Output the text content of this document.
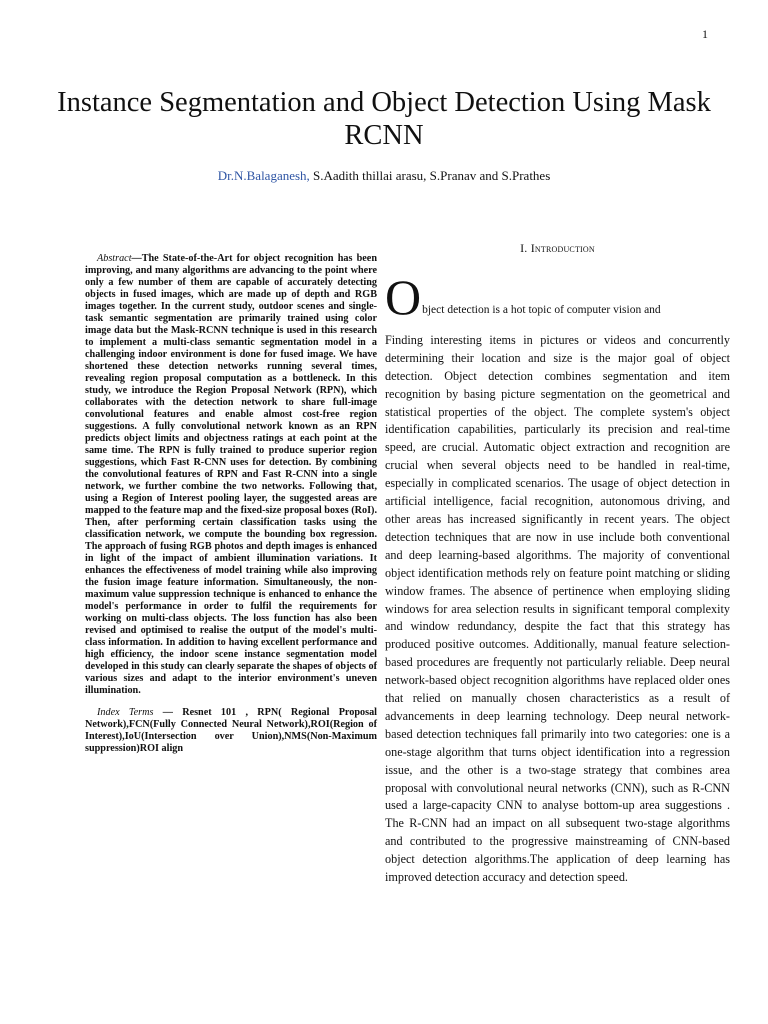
1
Instance Segmentation and Object Detection Using Mask RCNN
Dr.N.Balaganesh, S.Aadith thillai arasu, S.Pranav and S.Prathes

Abstract—The State-of-the-Art for object recognition has been improving, and many algorithms are advancing to the point where only a few number of them are capable of accurately detecting objects in fused images, which are made up of depth and RGB images together. In the current study, outdoor scenes and single-task semantic segmentation are primarily trained using color image data but the Mask-RCNN technique is used in this research to implement a multi-class semantic segmentation model in a challenging indoor environment is done for fused image. We have shortened these detection networks running several times, revealing region proposal computation as a bottleneck. In this study, we introduce the Region Proposal Network (RPN), which collaborates with the detection network to share full-image convolutional features and enable almost cost-free region suggestions. A fully convolutional network known as an RPN predicts object limits and objectness ratings at each point at the same time. The RPN is fully trained to produce superior region suggestions, which Fast R-CNN uses for detection. By combining the convolutional features of RPN and Fast R-CNN into a single network, we further combine the two networks. Following that, using a Region of Interest pooling layer, the suggested areas are mapped to the feature map and the fixed-size proposal boxes (RoI). Then, after performing certain classification tasks using the classification network, we compute the bounding box regression. The approach of fusing RGB photos and depth images is enhanced in light of the impact of ambient illumination variations. It enhances the effectiveness of model training while also improving the fusion image feature information. Simultaneously, the non-maximum value suppression technique is enhanced to enhance the model's performance in order to fulfil the requirements for working on multi-class objects. The loss function has also been revised and optimised to realise the output of the model's multi-class information. In addition to having excellent performance and high efficiency, the indoor scene instance segmentation model developed in this study can clearly separate the shapes of objects of various sizes and adapt to the interior environment's uneven illumination.

Index Terms — Resnet 101 , RPN( Regional Proposal Network),FCN(Fully Connected Neural Network),ROI(Region of Interest),IoU(Intersection over Union),NMS(Non-Maximum suppression)ROI align

I. Introduction
O bject detection is a hot topic of computer vision and

Finding interesting items in pictures or videos and concurrently determining their location and size is the major goal of object detection. Object detection combines segmentation and item recognition by basing picture segmentation on the geometrical and statistical properties of the object. The complete system's object identification capabilities, particularly its precision and real-time speed, are crucial. Automatic object extraction and recognition are crucial when several objects need to be handled in real-time, especially in complicated scenarios. The usage of object detection in artificial intelligence, facial recognition, autonomous driving, and other areas has increased significantly in recent years. The object detection techniques that are now in use include both conventional and deep learning-based algorithms. The majority of conventional object identification methods rely on feature point matching or sliding window frames. The absence of pertinence when employing sliding windows for area selection results in significant temporal complexity and window redundancy, despite the fact that this strategy has produced positive outcomes. Additionally, manual feature selection-based procedures are frequently not particularly reliable. Deep neural network-based object recognition algorithms have replaced older ones that relied on manually chosen characteristics as a result of advancements in deep learning technology. Deep neural network-based detection techniques fall primarily into two categories: one is a one-stage algorithm that turns object identification into a regression issue, and the other is a two-stage strategy that combines area proposal with convolutional neural networks (CNN), such as R-CNN used a large-capacity CNN to analyse bottom-up area suggestions . The R-CNN had an impact on all subsequent two-stage algorithms and contributed to the progressive mainstreaming of CNN-based object detection algorithms.The application of deep learning has improved detection accuracy and detection speed.
